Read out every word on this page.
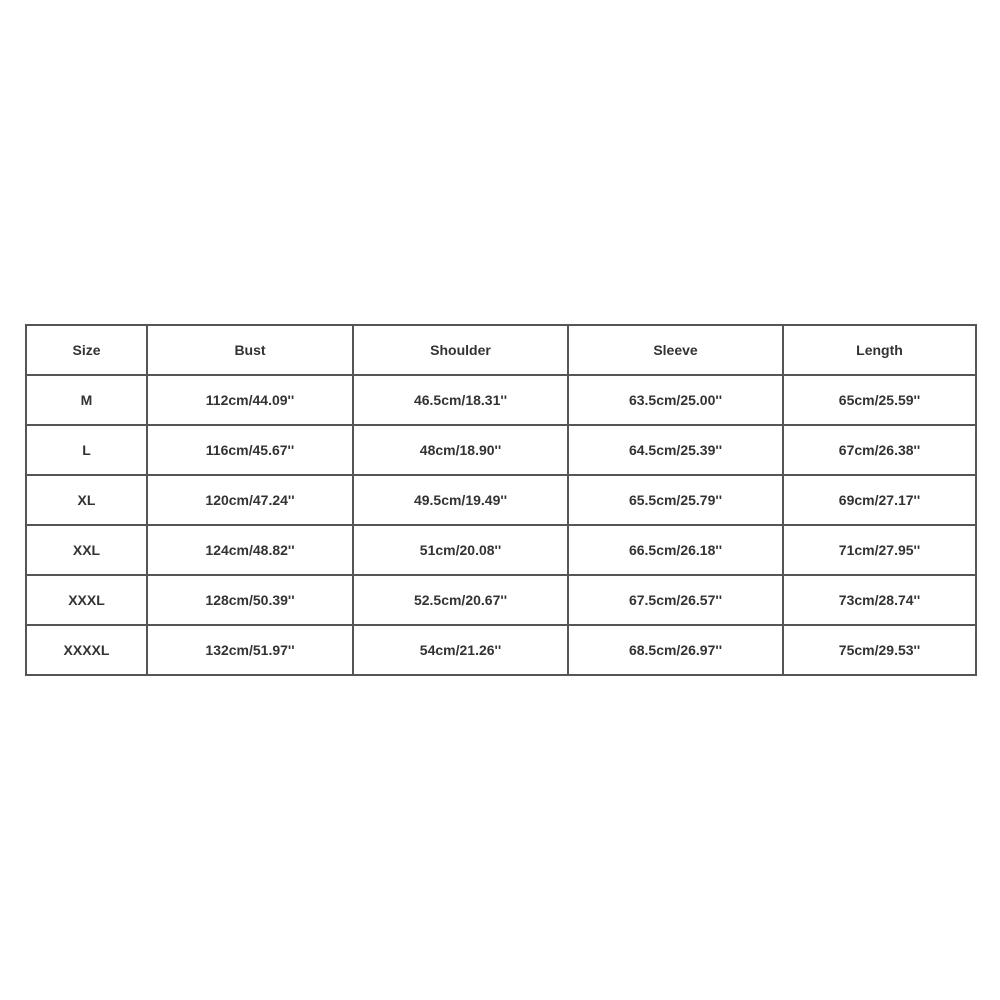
Size	Bust	Shoulder	Sleeve	Length
M	112cm/44.09''	46.5cm/18.31''	63.5cm/25.00''	65cm/25.59''
L	116cm/45.67''	48cm/18.90''	64.5cm/25.39''	67cm/26.38''
XL	120cm/47.24''	49.5cm/19.49''	65.5cm/25.79''	69cm/27.17''
XXL	124cm/48.82''	51cm/20.08''	66.5cm/26.18''	71cm/27.95''
XXXL	128cm/50.39''	52.5cm/20.67''	67.5cm/26.57''	73cm/28.74''
XXXXL	132cm/51.97''	54cm/21.26''	68.5cm/26.97''	75cm/29.53''
